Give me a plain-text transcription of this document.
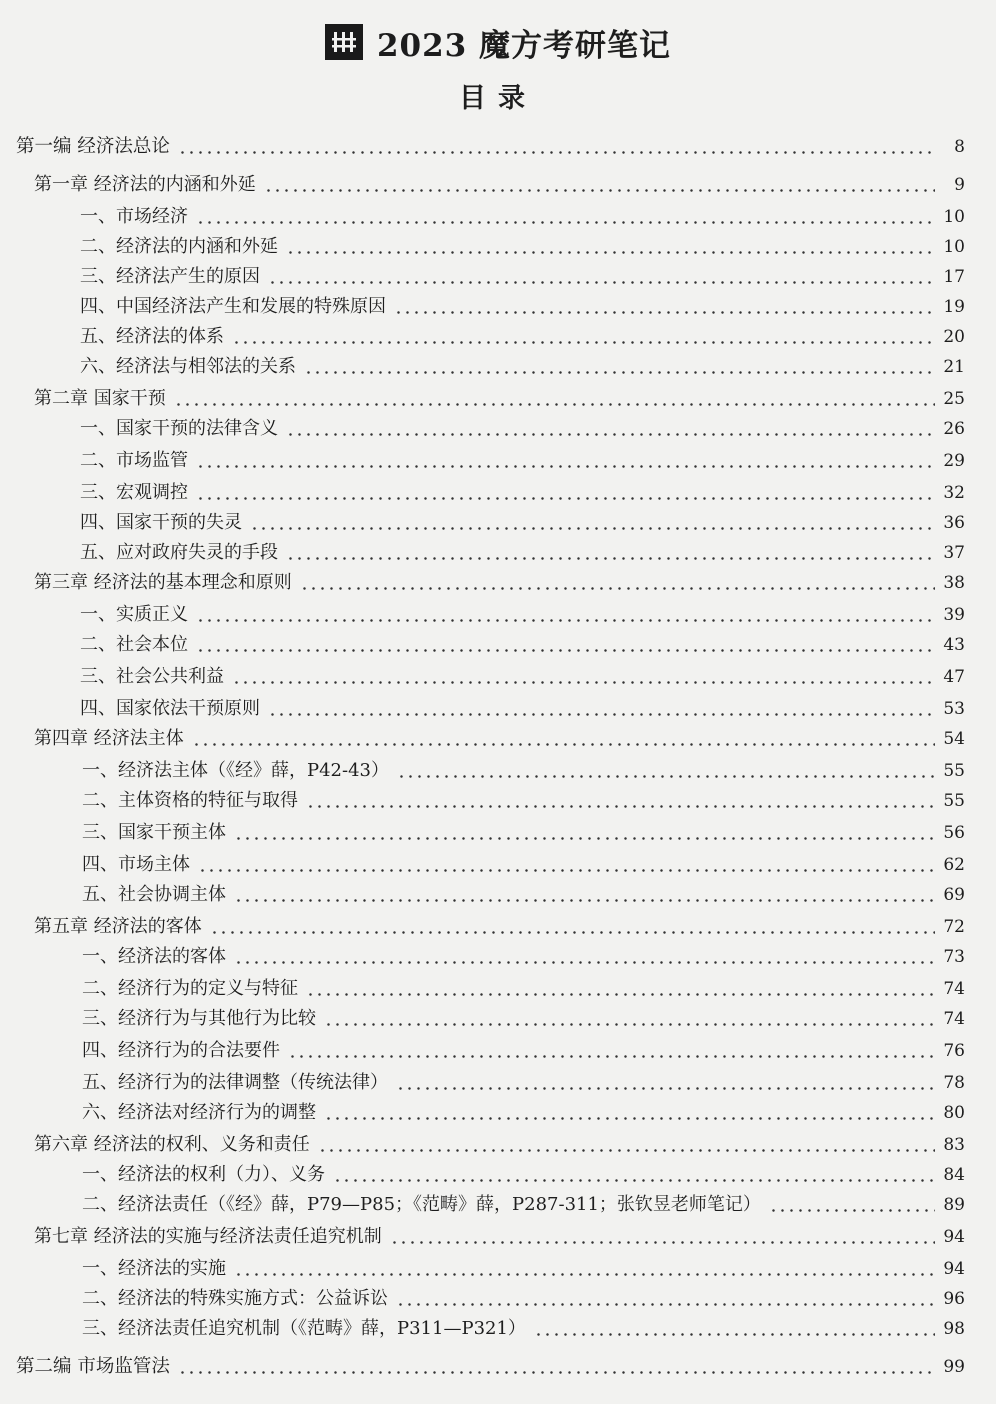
2023 魔方考研笔记
目录
第一编 经济法总论	8
第一章 经济法的内涵和外延	9
一、市场经济	10
二、经济法的内涵和外延	10
三、经济法产生的原因	17
四、中国经济法产生和发展的特殊原因	19
五、经济法的体系	20
六、经济法与相邻法的关系	21
第二章 国家干预	25
一、国家干预的法律含义	26
二、市场监管	29
三、宏观调控	32
四、国家干预的失灵	36
五、应对政府失灵的手段	37
第三章 经济法的基本理念和原则	38
一、实质正义	39
二、社会本位	43
三、社会公共利益	47
四、国家依法干预原则	53
第四章 经济法主体	54
一、经济法主体（《经》薛，P42-43）	55
二、主体资格的特征与取得	55
三、国家干预主体	56
四、市场主体	62
五、社会协调主体	69
第五章 经济法的客体	72
一、经济法的客体	73
二、经济行为的定义与特征	74
三、经济行为与其他行为比较	74
四、经济行为的合法要件	76
五、经济行为的法律调整（传统法律）	78
六、经济法对经济行为的调整	80
第六章 经济法的权利、义务和责任	83
一、经济法的权利（力）、义务	84
二、经济法责任（《经》薛，P79—P85；《范畴》薛，P287-311；张钦昱老师笔记）	89
第七章 经济法的实施与经济法责任追究机制	94
一、经济法的实施	94
二、经济法的特殊实施方式：公益诉讼	96
三、经济法责任追究机制（《范畴》薛，P311—P321）	98
第二编 市场监管法	99
